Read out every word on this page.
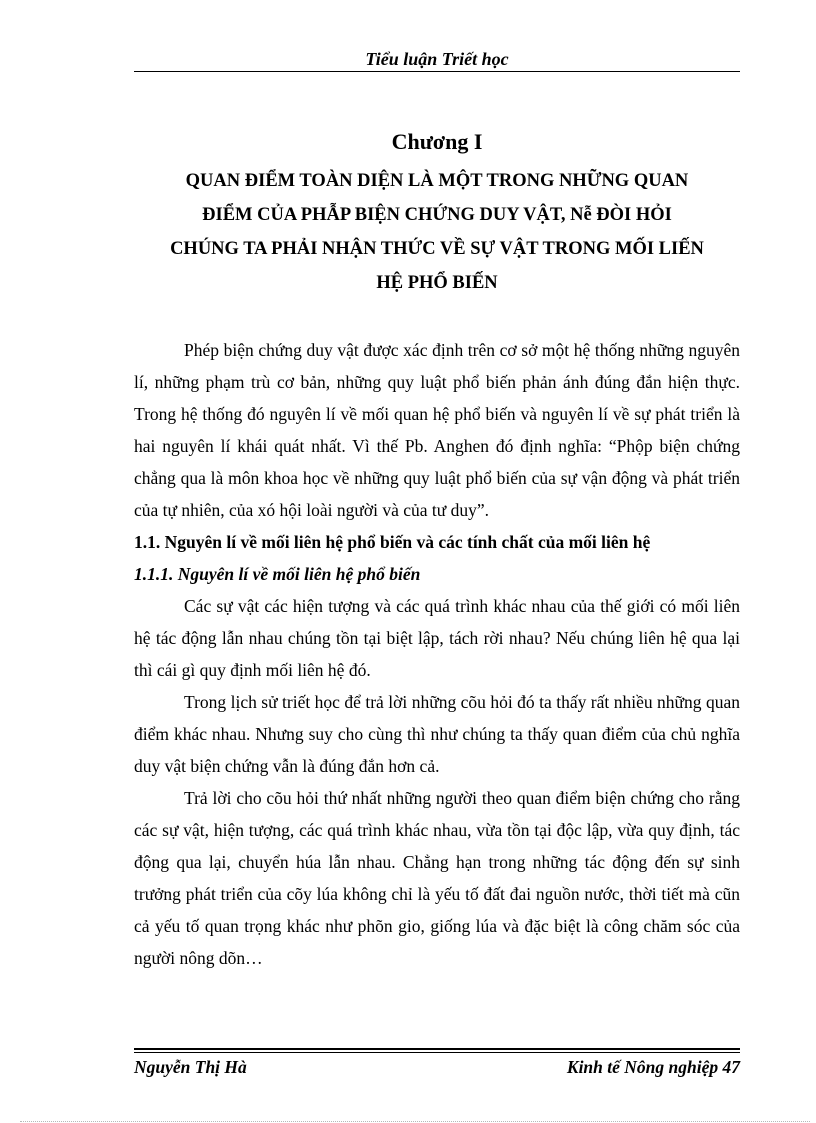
Tiểu luận Triết học
Chương I
QUAN ĐIỂM TOÀN DIỆN LÀ MỘT TRONG NHỮNG QUAN
ĐIỂM CỦA PHẪP BIỆN CHỨNG DUY VẬT, Nễ ĐÒI HỎI
CHÚNG TA PHẢI NHẬN THỨC VỀ SỰ VẬT TRONG MỐI LIẾN
HỆ PHỔ BIẾN

Phép biện chứng duy vật được xác định trên cơ sở một hệ thống những nguyên lí, những phạm trù cơ bản, những quy luật phổ biến phản ánh đúng đắn hiện thực. Trong hệ thống đó nguyên lí về mối quan hệ phổ biến và nguyên lí về sự phát triển là hai nguyên lí khái quát nhất. Vì thế Pb. Anghen đó định nghĩa: “Phộp biện chứng chẳng qua là môn khoa học về những quy luật phổ biến của sự vận động và phát triển của tự nhiên, của xó hội loài người và của tư duy”.

1.1. Nguyên lí về mối liên hệ phổ biến và các tính chất của mối liên hệ

1.1.1. Nguyên lí về mối liên hệ phổ biến

Các sự vật các hiện tượng và các quá trình khác nhau của thế giới có mối liên hệ tác động lẫn nhau chúng tồn tại biệt lập, tách rời nhau? Nếu chúng liên hệ qua lại thì cái gì quy định mối liên hệ đó.

Trong lịch sử triết học để trả lời những cõu hỏi đó ta thấy rất nhiều những quan điểm khác nhau. Nhưng suy cho cùng thì như chúng ta thấy quan điểm của chủ nghĩa duy vật biện chứng vẫn là đúng đắn hơn cả.

Trả lời cho cõu hỏi thứ nhất những người theo quan điểm biện chứng cho rằng các sự vật, hiện tượng, các quá trình khác nhau, vừa tồn tại độc lập, vừa quy định, tác động qua lại, chuyển húa lẫn nhau. Chẳng hạn trong những tác động đến sự sinh trưởng phát triển của cõy lúa không chỉ là yếu tố đất đai nguồn nước, thời tiết mà cũn cả yếu tố quan trọng khác như phõn gio, giống lúa và đặc biệt là công chăm sóc của người nông dõn…

Nguyễn Thị Hà	Kinh tế Nông nghiệp 47
